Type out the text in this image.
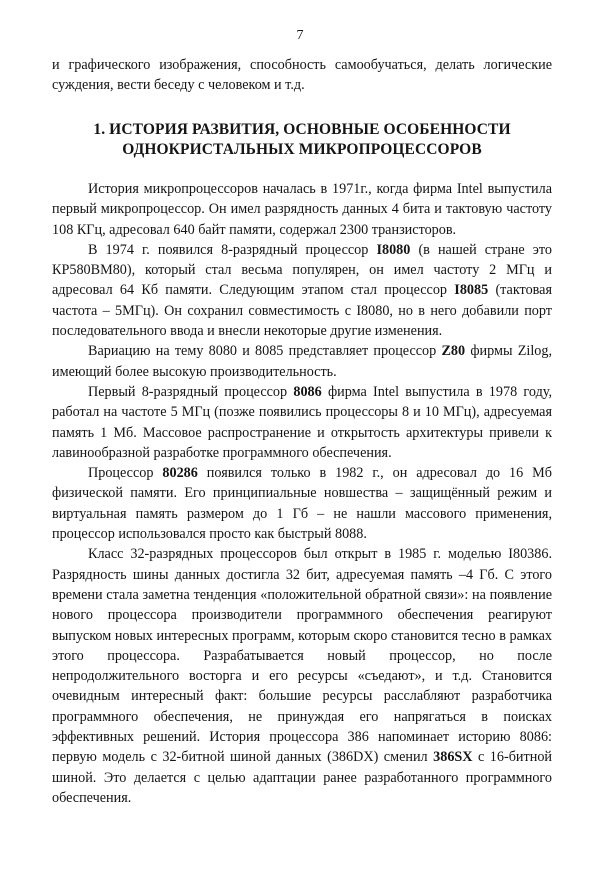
7

и графического изображения, способность самообучаться, делать логические суждения, вести беседу с человеком и т.д.

1. ИСТОРИЯ РАЗВИТИЯ, ОСНОВНЫЕ ОСОБЕННОСТИ
ОДНОКРИСТАЛЬНЫХ МИКРОПРОЦЕССОРОВ

История микропроцессоров началась в 1971г., когда фирма Intel выпустила первый микропроцессор. Он имел разрядность данных 4 бита и тактовую частоту 108 КГц, адресовал 640 байт памяти, содержал 2300 транзисторов.

В 1974 г. появился 8-разрядный процессор I8080 (в нашей стране это КР580ВМ80), который стал весьма популярен, он имел частоту 2 МГц и адресовал 64 Кб памяти. Следующим этапом стал процессор I8085 (тактовая частота – 5МГц). Он сохранил совместимость с I8080, но в него добавили порт последовательного ввода и внесли некоторые другие изменения.

Вариацию на тему 8080 и 8085 представляет процессор Z80 фирмы Zilog, имеющий более высокую производительность.

Первый 8-разрядный процессор 8086 фирма Intel выпустила в 1978 году, работал на частоте 5 МГц (позже появились процессоры 8 и 10 МГц), адресуемая память 1 Мб. Массовое распространение и открытость архитектуры привели к лавинообразной разработке программного обеспечения.

Процессор 80286 появился только в 1982 г., он адресовал до 16 Мб физической памяти. Его принципиальные новшества – защищённый режим и виртуальная память размером до 1 Гб – не нашли массового применения, процессор использовался просто как быстрый 8088.

Класс 32-разрядных процессоров был открыт в 1985 г. моделью I80386. Разрядность шины данных достигла 32 бит, адресуемая память –4 Гб. С этого времени стала заметна тенденция «положительной обратной связи»: на появление нового процессора производители программного обеспечения реагируют выпуском новых интересных программ, которым скоро становится тесно в рамках этого процессора. Разрабатывается новый процессор, но после непродолжительного восторга и его ресурсы «съедают», и т.д. Становится очевидным интересный факт: большие ресурсы расслабляют разработчика программного обеспечения, не принуждая его напрягаться в поисках эффективных решений. История процессора 386 напоминает историю 8086: первую модель с 32-битной шиной данных (386DX) сменил 386SX с 16-битной шиной. Это делается с целью адаптации ранее разработанного программного обеспечения.
